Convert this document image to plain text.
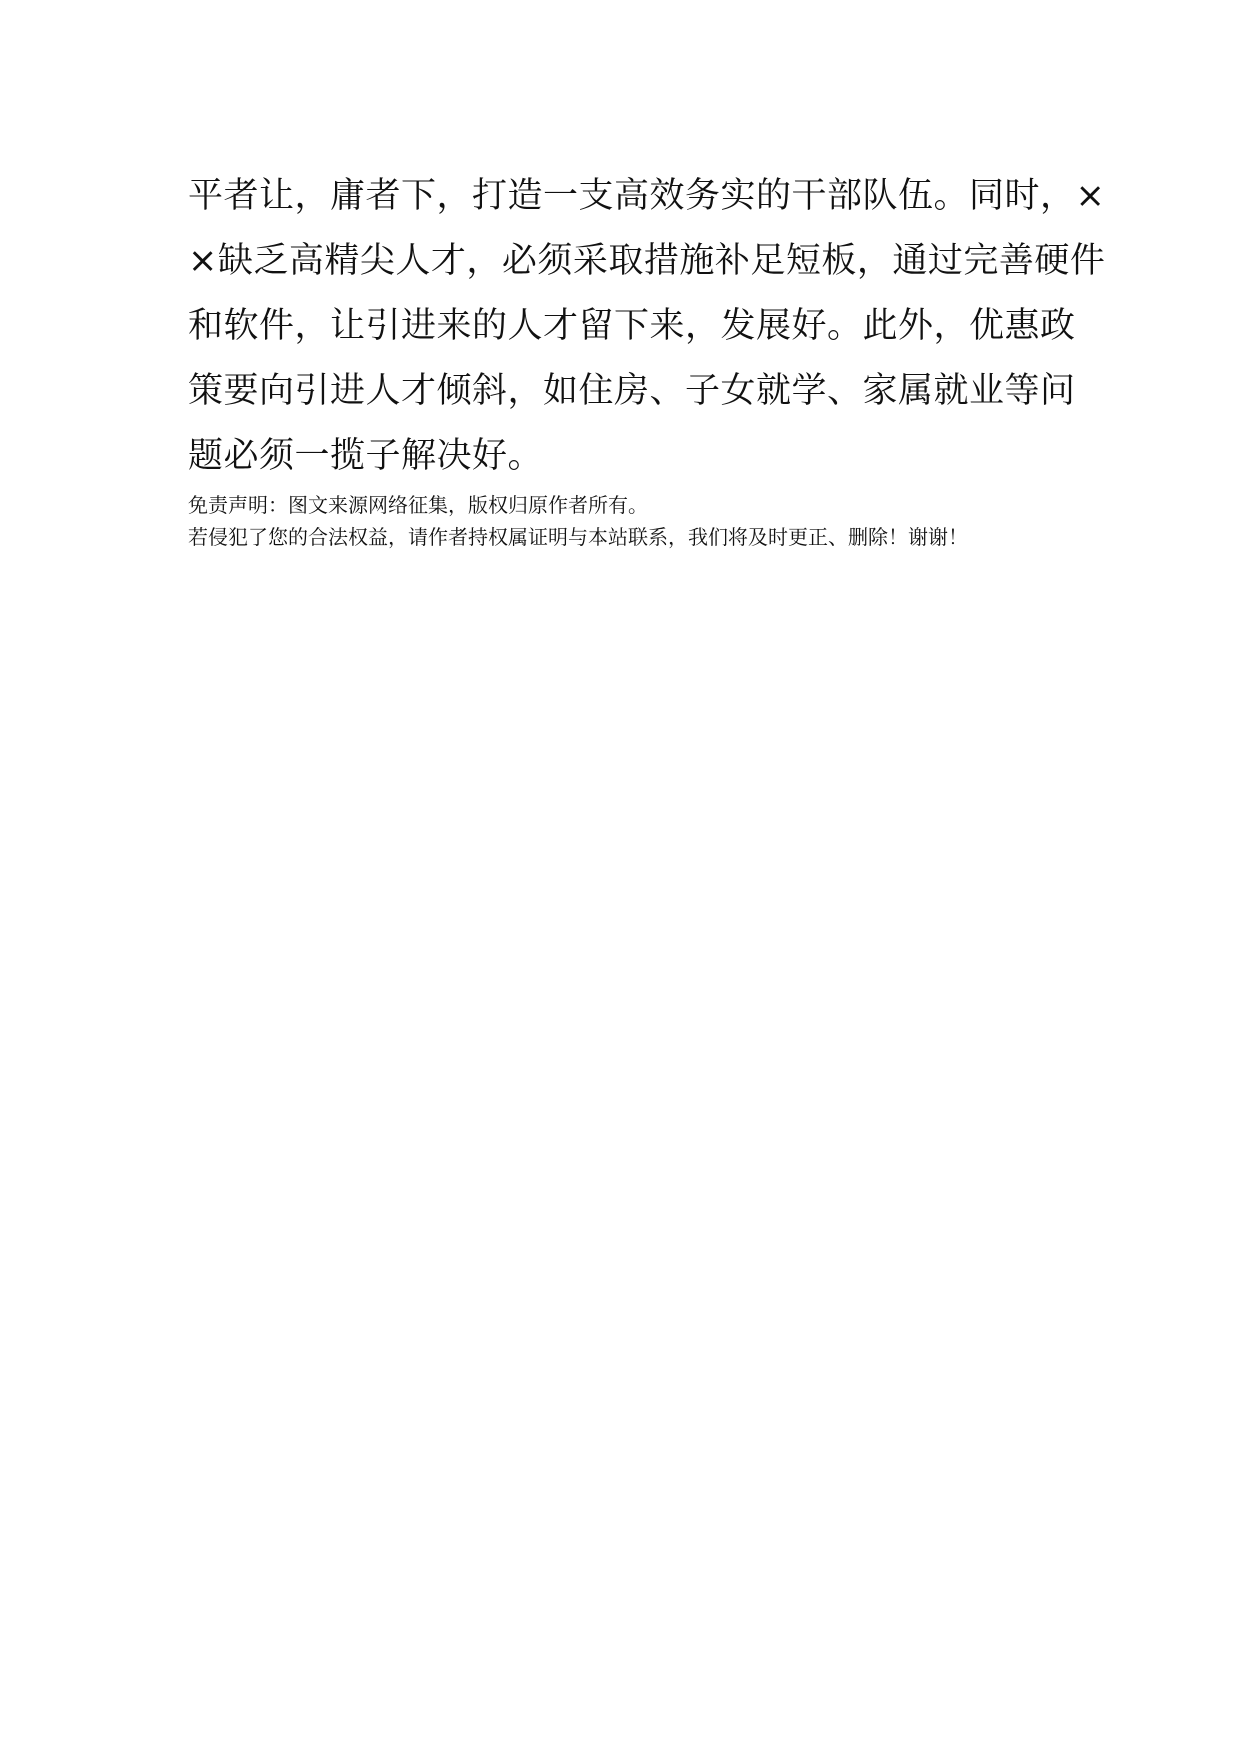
平者让，庸者下，打造一支高效务实的干部队伍。同时，×
×缺乏高精尖人才，必须采取措施补足短板，通过完善硬件
和软件，让引进来的人才留下来，发展好。此外，优惠政
策要向引进人才倾斜，如住房、子女就学、家属就业等问
题必须一揽子解决好。
免责声明：图文来源网络征集，版权归原作者所有。
若侵犯了您的合法权益，请作者持权属证明与本站联系，我们将及时更正、删除！谢谢！
